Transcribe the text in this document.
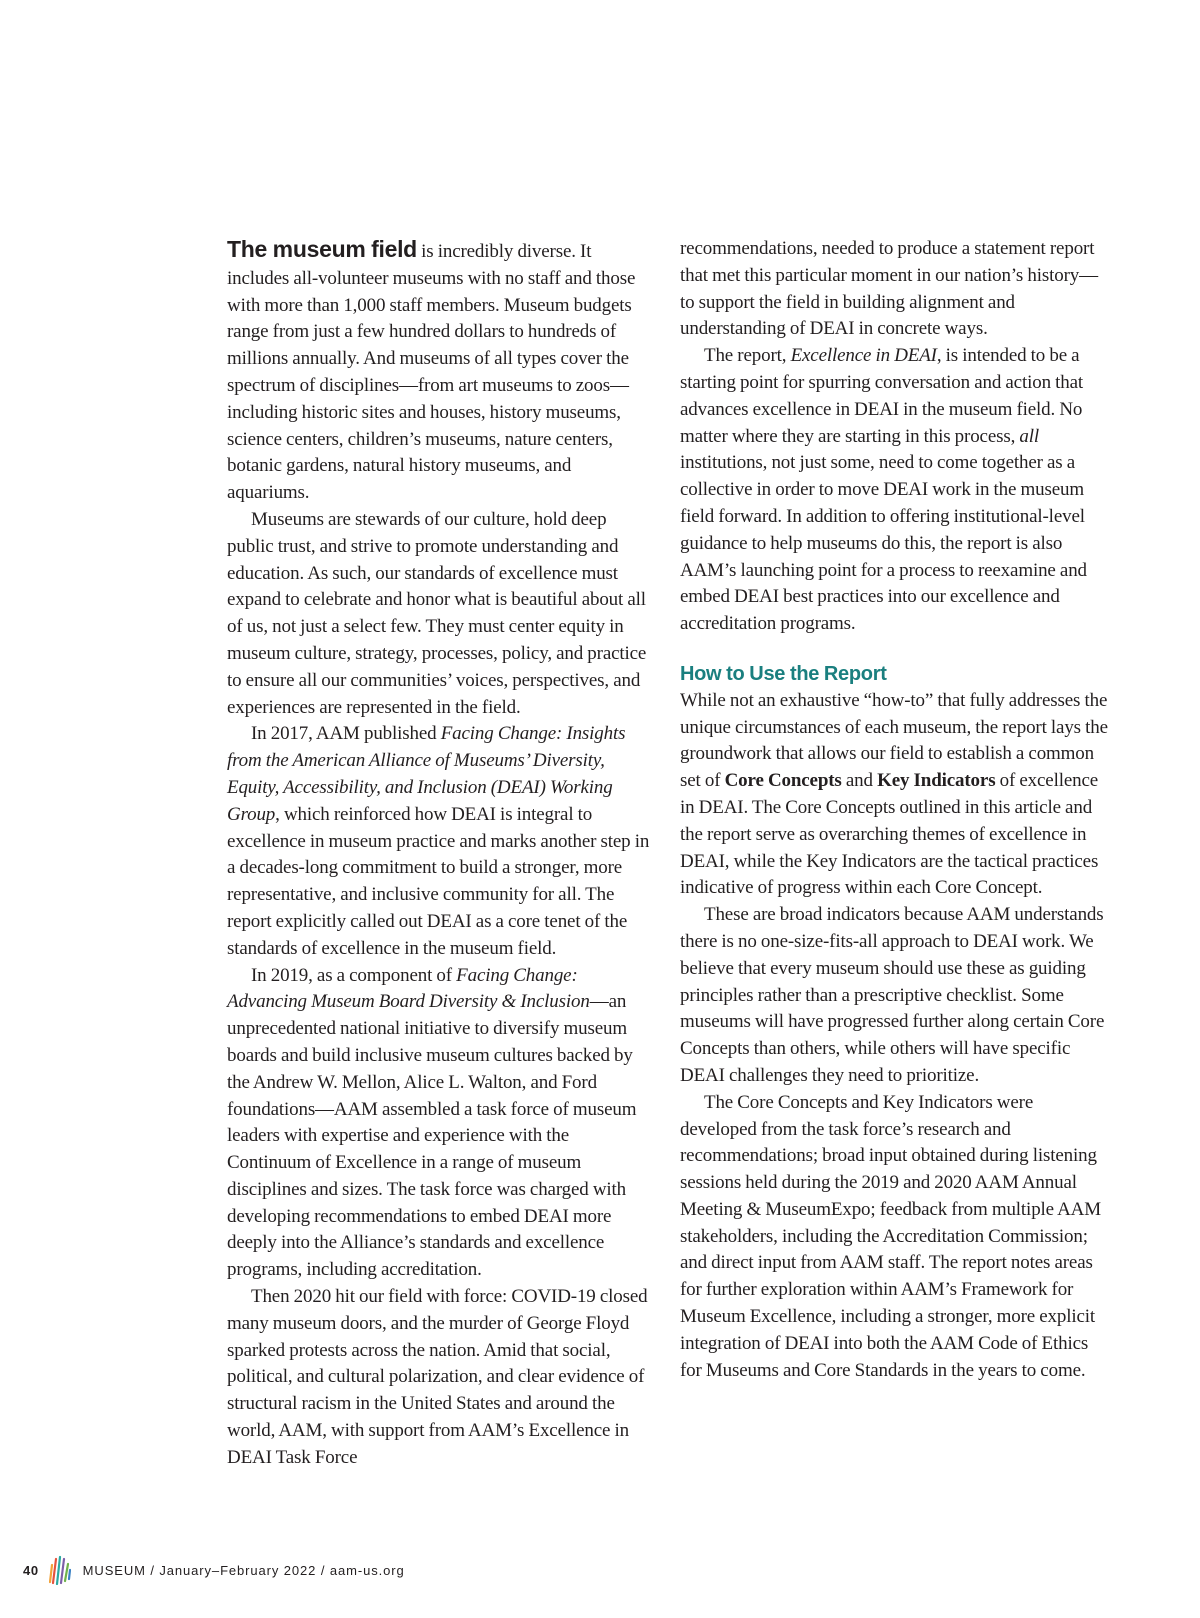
The museum field is incredibly diverse. It includes all-volunteer museums with no staff and those with more than 1,000 staff members. Museum budgets range from just a few hundred dollars to hundreds of millions annually. And museums of all types cover the spectrum of disciplines—from art museums to zoos—including historic sites and houses, history museums, science centers, children’s museums, nature centers, botanic gardens, natural history museums, and aquariums.

Museums are stewards of our culture, hold deep public trust, and strive to promote understanding and education. As such, our standards of excellence must expand to celebrate and honor what is beautiful about all of us, not just a select few. They must center equity in museum culture, strategy, processes, policy, and practice to ensure all our communities’ voices, perspectives, and experiences are represented in the field.

In 2017, AAM published Facing Change: Insights from the American Alliance of Museums’ Diversity, Equity, Accessibility, and Inclusion (DEAI) Working Group, which reinforced how DEAI is integral to excellence in museum practice and marks another step in a decades-long commitment to build a stronger, more representative, and inclusive community for all. The report explicitly called out DEAI as a core tenet of the standards of excellence in the museum field.

In 2019, as a component of Facing Change: Advancing Museum Board Diversity & Inclusion—an unprecedented national initiative to diversify museum boards and build inclusive museum cultures backed by the Andrew W. Mellon, Alice L. Walton, and Ford foundations—AAM assembled a task force of museum leaders with expertise and experience with the Continuum of Excellence in a range of museum disciplines and sizes. The task force was charged with developing recommendations to embed DEAI more deeply into the Alliance’s standards and excellence programs, including accreditation.

Then 2020 hit our field with force: COVID-19 closed many museum doors, and the murder of George Floyd sparked protests across the nation. Amid that social, political, and cultural polarization, and clear evidence of structural racism in the United States and around the world, AAM, with support from AAM’s Excellence in DEAI Task Force

recommendations, needed to produce a statement report that met this particular moment in our nation’s history—to support the field in building alignment and understanding of DEAI in concrete ways.

The report, Excellence in DEAI, is intended to be a starting point for spurring conversation and action that advances excellence in DEAI in the museum field. No matter where they are starting in this process, all institutions, not just some, need to come together as a collective in order to move DEAI work in the museum field forward. In addition to offering institutional-level guidance to help museums do this, the report is also AAM’s launching point for a process to reexamine and embed DEAI best practices into our excellence and accreditation programs.

How to Use the Report

While not an exhaustive “how-to” that fully addresses the unique circumstances of each museum, the report lays the groundwork that allows our field to establish a common set of Core Concepts and Key Indicators of excellence in DEAI. The Core Concepts outlined in this article and the report serve as overarching themes of excellence in DEAI, while the Key Indicators are the tactical practices indicative of progress within each Core Concept.

These are broad indicators because AAM understands there is no one-size-fits-all approach to DEAI work. We believe that every museum should use these as guiding principles rather than a prescriptive checklist. Some museums will have progressed further along certain Core Concepts than others, while others will have specific DEAI challenges they need to prioritize.

The Core Concepts and Key Indicators were developed from the task force’s research and recommendations; broad input obtained during listening sessions held during the 2019 and 2020 AAM Annual Meeting & MuseumExpo; feedback from multiple AAM stakeholders, including the Accreditation Commission; and direct input from AAM staff. The report notes areas for further exploration within AAM’s Framework for Museum Excellence, including a stronger, more explicit integration of DEAI into both the AAM Code of Ethics for Museums and Core Standards in the years to come.

40	MUSEUM / January–February 2022 / aam-us.org
